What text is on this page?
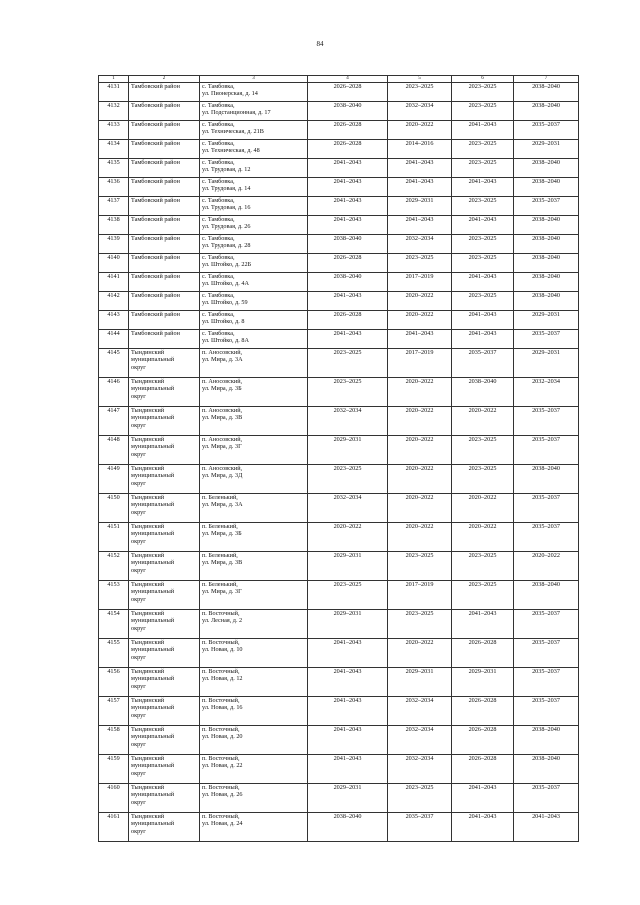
84
1	2	3	4	5	6	7
4131	Тамбовский район	с. Тамбовка,
ул. Пионерская, д. 14	2026–2028	2023–2025	2023–2025	2038–2040
4132	Тамбовский район	с. Тамбовка,
ул. Подстанционная, д. 17	2038–2040	2032–2034	2023–2025	2038–2040
4133	Тамбовский район	с. Тамбовка,
ул. Техническая, д. 21В	2026–2028	2020–2022	2041–2043	2035–2037
4134	Тамбовский район	с. Тамбовка,
ул. Техническая, д. 48	2026–2028	2014–2016	2023–2025	2029–2031
4135	Тамбовский район	с. Тамбовка,
ул. Трудовая, д. 12	2041–2043	2041–2043	2023–2025	2038–2040
4136	Тамбовский район	с. Тамбовка,
ул. Трудовая, д. 14	2041–2043	2041–2043	2041–2043	2038–2040
4137	Тамбовский район	с. Тамбовка,
ул. Трудовая, д. 16	2041–2043	2029–2031	2023–2025	2035–2037
4138	Тамбовский район	с. Тамбовка,
ул. Трудовая, д. 26	2041–2043	2041–2043	2041–2043	2038–2040
4139	Тамбовский район	с. Тамбовка,
ул. Трудовая, д. 28	2038–2040	2032–2034	2023–2025	2038–2040
4140	Тамбовский район	с. Тамбовка,
ул. Штойко, д. 22Б	2026–2028	2023–2025	2023–2025	2038–2040
4141	Тамбовский район	с. Тамбовка,
ул. Штойко, д. 4А	2038–2040	2017–2019	2041–2043	2038–2040
4142	Тамбовский район	с. Тамбовка,
ул. Штойко, д. 59	2041–2043	2020–2022	2023–2025	2038–2040
4143	Тамбовский район	с. Тамбовка,
ул. Штойко, д. 8	2026–2028	2020–2022	2041–2043	2029–2031
4144	Тамбовский район	с. Тамбовка,
ул. Штойко, д. 8А	2041–2043	2041–2043	2041–2043	2035–2037
4145	Тындинский
муниципальный
округ	п. Аносовский,
ул. Мира, д. 3А	2023–2025	2017–2019	2035–2037	2029–2031
4146	Тындинский
муниципальный
округ	п. Аносовский,
ул. Мира, д. 3Б	2023–2025	2020–2022	2038–2040	2032–2034
4147	Тындинский
муниципальный
округ	п. Аносовский,
ул. Мира, д. 3В	2032–2034	2020–2022	2020–2022	2035–2037
4148	Тындинский
муниципальный
округ	п. Аносовский,
ул. Мира, д. 3Г	2029–2031	2020–2022	2023–2025	2035–2037
4149	Тындинский
муниципальный
округ	п. Аносовский,
ул. Мира, д. 3Д	2023–2025	2020–2022	2023–2025	2038–2040
4150	Тындинский
муниципальный
округ	п. Беленький,
ул. Мира, д. 3А	2032–2034	2020–2022	2020–2022	2035–2037
4151	Тындинский
муниципальный
округ	п. Беленький,
ул. Мира, д. 3Б	2020–2022	2020–2022	2020–2022	2035–2037
4152	Тындинский
муниципальный
округ	п. Беленький,
ул. Мира, д. 3В	2029–2031	2023–2025	2023–2025	2020–2022
4153	Тындинский
муниципальный
округ	п. Беленький,
ул. Мира, д. 3Г	2023–2025	2017–2019	2023–2025	2038–2040
4154	Тындинский
муниципальный
округ	п. Восточный,
ул. Лесная, д. 2	2029–2031	2023–2025	2041–2043	2035–2037
4155	Тындинский
муниципальный
округ	п. Восточный,
ул. Новая, д. 10	2041–2043	2020–2022	2026–2028	2035–2037
4156	Тындинский
муниципальный
округ	п. Восточный,
ул. Новая, д. 12	2041–2043	2029–2031	2029–2031	2035–2037
4157	Тындинский
муниципальный
округ	п. Восточный,
ул. Новая, д. 16	2041–2043	2032–2034	2026–2028	2035–2037
4158	Тындинский
муниципальный
округ	п. Восточный,
ул. Новая, д. 20	2041–2043	2032–2034	2026–2028	2038–2040
4159	Тындинский
муниципальный
округ	п. Восточный,
ул. Новая, д. 22	2041–2043	2032–2034	2026–2028	2038–2040
4160	Тындинский
муниципальный
округ	п. Восточный,
ул. Новая, д. 26	2029–2031	2023–2025	2041–2043	2035–2037
4161	Тындинский
муниципальный
округ	п. Восточный,
ул. Новая, д. 24	2038–2040	2035–2037	2041–2043	2041–2043
